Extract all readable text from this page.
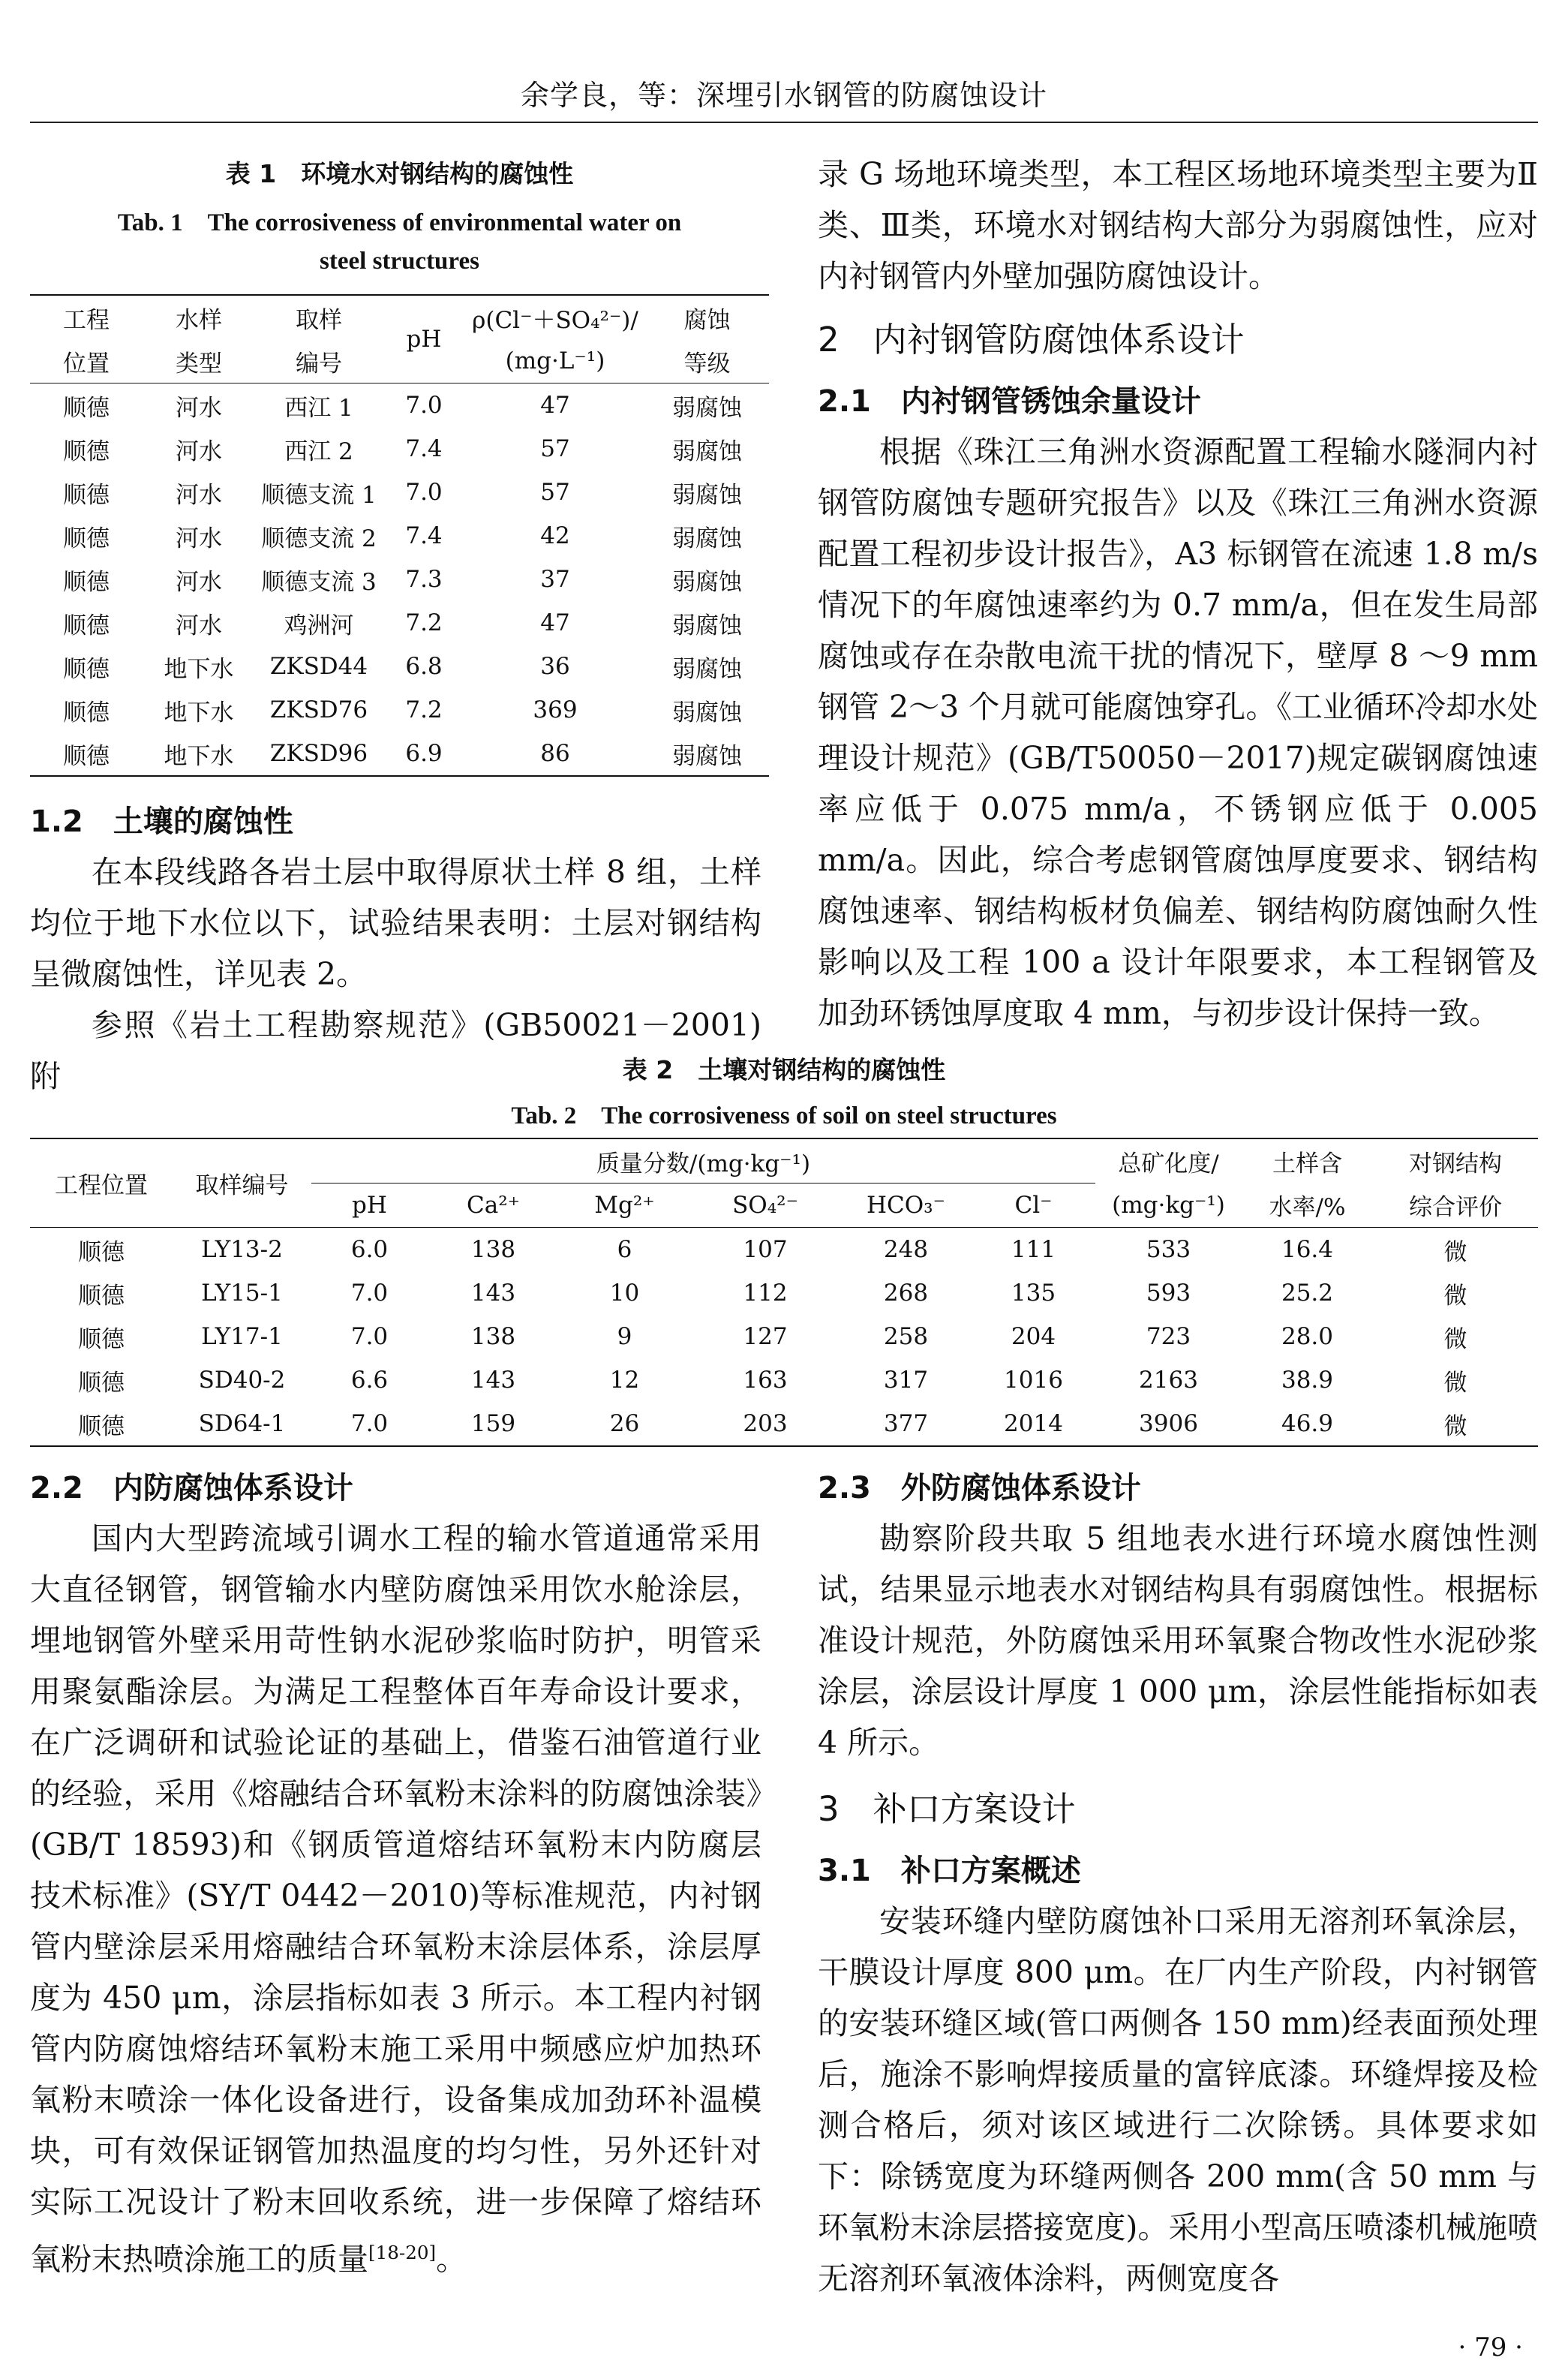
余学良，等：深埋引水钢管的防腐蚀设计
表 1　环境水对钢结构的腐蚀性
Tab. 1　The corrosiveness of environmental water on
steel structures
工程	水样	取样	pH	ρ(Cl⁻＋SO₄²⁻)/	腐蚀
位置	类型	编号		(mg·L⁻¹)	等级
顺德	河水	西江 1	7.0	47	弱腐蚀
顺德	河水	西江 2	7.4	57	弱腐蚀
顺德	河水	顺德支流 1	7.0	57	弱腐蚀
顺德	河水	顺德支流 2	7.4	42	弱腐蚀
顺德	河水	顺德支流 3	7.3	37	弱腐蚀
顺德	河水	鸡洲河	7.2	47	弱腐蚀
顺德	地下水	ZKSD44	6.8	36	弱腐蚀
顺德	地下水	ZKSD76	7.2	369	弱腐蚀
顺德	地下水	ZKSD96	6.9	86	弱腐蚀
1.2　土壤的腐蚀性

在本段线路各岩土层中取得原状土样 8 组，土样均位于地下水位以下，试验结果表明：土层对钢结构呈微腐蚀性，详见表 2。

参照《岩土工程勘察规范》(GB50021－2001)附

录 G 场地环境类型，本工程区场地环境类型主要为Ⅱ类、Ⅲ类，环境水对钢结构大部分为弱腐蚀性，应对内衬钢管内外壁加强防腐蚀设计。

2　内衬钢管防腐蚀体系设计
2.1　内衬钢管锈蚀余量设计

根据《珠江三角洲水资源配置工程输水隧洞内衬钢管防腐蚀专题研究报告》以及《珠江三角洲水资源配置工程初步设计报告》，A3 标钢管在流速 1.8 m/s 情况下的年腐蚀速率约为 0.7 mm/a，但在发生局部腐蚀或存在杂散电流干扰的情况下，壁厚 8 ～9 mm 钢管 2～3 个月就可能腐蚀穿孔。《工业循环冷却水处理设计规范》(GB/T50050－2017)规定碳钢腐蚀速率应低于 0.075 mm/a，不锈钢应低于 0.005 mm/a。因此，综合考虑钢管腐蚀厚度要求、钢结构腐蚀速率、钢结构板材负偏差、钢结构防腐蚀耐久性影响以及工程 100 a 设计年限要求，本工程钢管及加劲环锈蚀厚度取 4 mm，与初步设计保持一致。

表 2　土壤对钢结构的腐蚀性
Tab. 2　The corrosiveness of soil on steel structures
工程位置	取样编号	质量分数/(mg·kg⁻¹)						总矿化度/	土样含	对钢结构
		pH	Ca²⁺	Mg²⁺	SO₄²⁻	HCO₃⁻	Cl⁻	(mg·kg⁻¹)	水率/%	综合评价
顺德	LY13-2	6.0	138	6	107	248	111	533	16.4	微
顺德	LY15-1	7.0	143	10	112	268	135	593	25.2	微
顺德	LY17-1	7.0	138	9	127	258	204	723	28.0	微
顺德	SD40-2	6.6	143	12	163	317	1016	2163	38.9	微
顺德	SD64-1	7.0	159	26	203	377	2014	3906	46.9	微
2.2　内防腐蚀体系设计

国内大型跨流域引调水工程的输水管道通常采用大直径钢管，钢管输水内壁防腐蚀采用饮水舱涂层，埋地钢管外壁采用苛性钠水泥砂浆临时防护，明管采用聚氨酯涂层。为满足工程整体百年寿命设计要求，在广泛调研和试验论证的基础上，借鉴石油管道行业的经验，采用《熔融结合环氧粉末涂料的防腐蚀涂装》(GB/T 18593)和《钢质管道熔结环氧粉末内防腐层技术标准》(SY/T 0442－2010)等标准规范，内衬钢管内壁涂层采用熔融结合环氧粉末涂层体系，涂层厚度为 450 μm，涂层指标如表 3 所示。本工程内衬钢管内防腐蚀熔结环氧粉末施工采用中频感应炉加热环氧粉末喷涂一体化设备进行，设备集成加劲环补温模块，可有效保证钢管加热温度的均匀性，另外还针对实际工况设计了粉末回收系统，进一步保障了熔结环氧粉末热喷涂施工的质量[18-20]。

2.3　外防腐蚀体系设计

勘察阶段共取 5 组地表水进行环境水腐蚀性测试，结果显示地表水对钢结构具有弱腐蚀性。根据标准设计规范，外防腐蚀采用环氧聚合物改性水泥砂浆涂层，涂层设计厚度 1 000 μm，涂层性能指标如表 4 所示。

3　补口方案设计
3.1　补口方案概述

安装环缝内壁防腐蚀补口采用无溶剂环氧涂层，干膜设计厚度 800 μm。在厂内生产阶段，内衬钢管的安装环缝区域(管口两侧各 150 mm)经表面预处理后，施涂不影响焊接质量的富锌底漆。环缝焊接及检测合格后，须对该区域进行二次除锈。具体要求如下：除锈宽度为环缝两侧各 200 mm(含 50 mm 与环氧粉末涂层搭接宽度)。采用小型高压喷漆机械施喷无溶剂环氧液体涂料，两侧宽度各

· 79 ·
